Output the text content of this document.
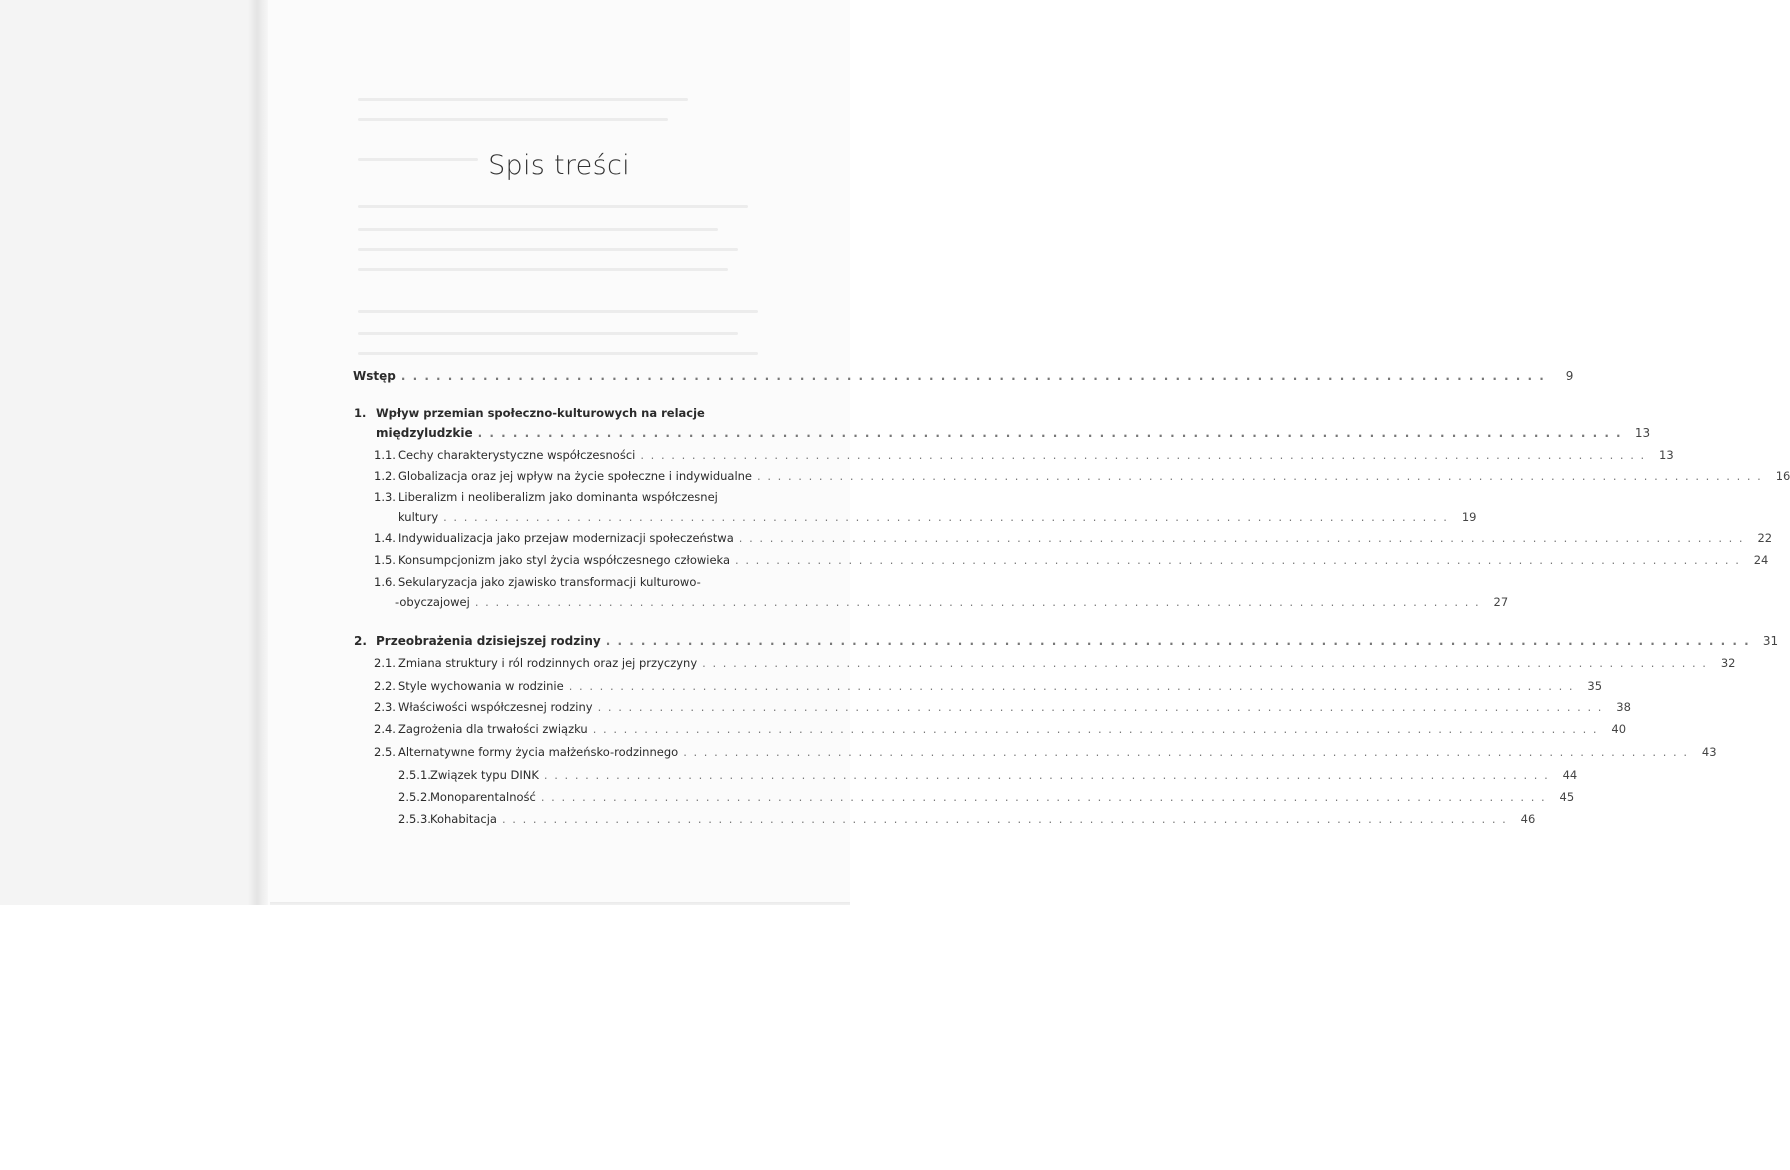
Spis treści
Wstęp . . .	9
1. Wpływ przemian społeczno-kulturowych na relacje
międzyludzkie . . .	13
1.1. Cechy charakterystyczne współczesności . . .	13
1.2. Globalizacja oraz jej wpływ na życie społeczne i indywidualne . . .	16
1.3. Liberalizm i neoliberalizm jako dominanta współczesnej
kultury . . .	19
1.4. Indywidualizacja jako przejaw modernizacji społeczeństwa . . .	22
1.5. Konsumpcjonizm jako styl życia współczesnego człowieka . . .	24
1.6. Sekularyzacja jako zjawisko transformacji kulturowo-
-obyczajowej . . .	27
2. Przeobrażenia dzisiejszej rodziny . . .	31
2.1. Zmiana struktury i ról rodzinnych oraz jej przyczyny . . .	32
2.2. Style wychowania w rodzinie . . .	35
2.3. Właściwości współczesnej rodziny . . .	38
2.4. Zagrożenia dla trwałości związku . . .	40
2.5. Alternatywne formy życia małżeńsko-rodzinnego . . .	43
2.5.1. Związek typu DINK . . .	44
2.5.2. Monoparentalność . . .	45
2.5.3. Kohabitacja . . .	46
